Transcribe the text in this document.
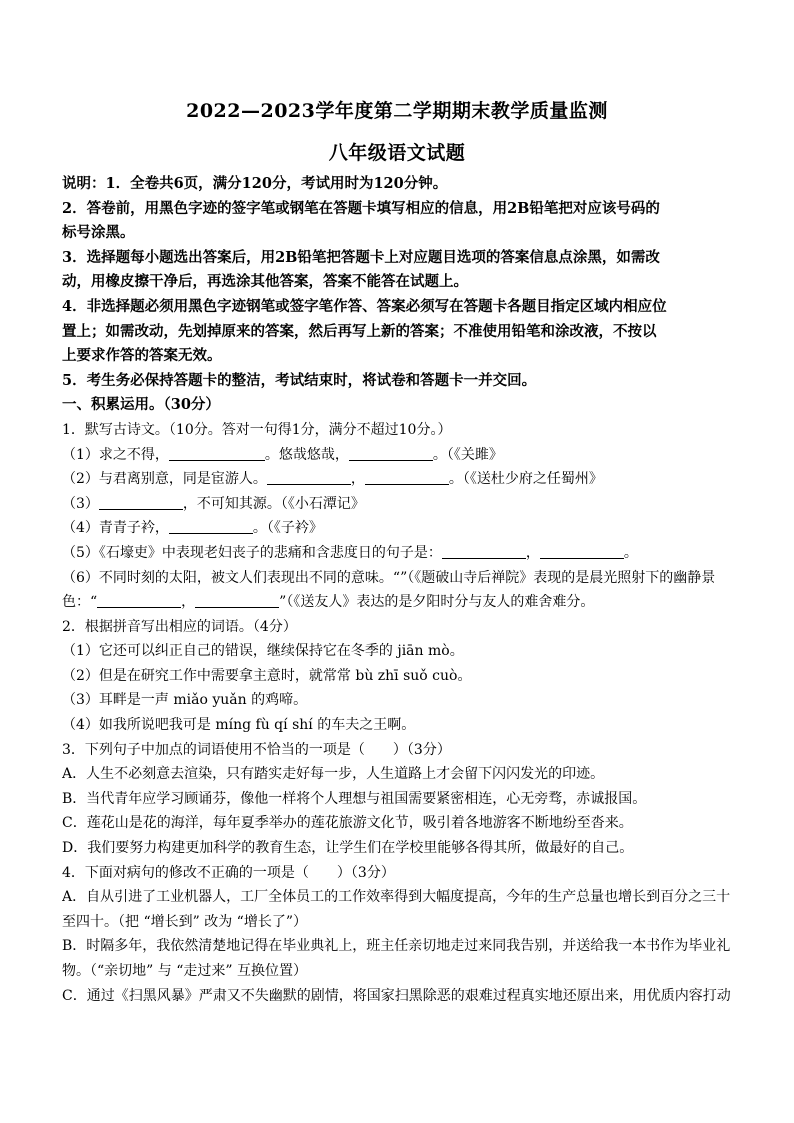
2022—2023学年度第二学期期末教学质量监测
八年级语文试题
说明：1．全卷共6页，满分120分，考试用时为120分钟。
2．答卷前，用黑色字迹的签字笔或钢笔在答题卡填写相应的信息，用2B铅笔把对应该号码的
标号涂黑。
3．选择题每小题选出答案后，用2B铅笔把答题卡上对应题目选项的答案信息点涂黑，如需改
动，用橡皮擦干净后，再选涂其他答案，答案不能答在试题上。
4．非选择题必须用黑色字迹钢笔或签字笔作答、答案必须写在答题卡各题目指定区域内相应位
置上；如需改动，先划掉原来的答案，然后再写上新的答案；不准使用铅笔和涂改液，不按以
上要求作答的答案无效。
5．考生务必保持答题卡的整洁，考试结束时，将试卷和答题卡一并交回。
一、积累运用。（30分）
1．默写古诗文。（10分。答对一句得1分，满分不超过10分。）
（1）求之不得，	。悠哉悠哉，	。（《关雎》
（2）与君离别意，同是宦游人。	，	。（《送杜少府之任蜀州》
（3）	，不可知其源。（《小石潭记》
（4）青青子衿，	。（《子衿》
（5）《石壕吏》中表现老妇丧子的悲痛和含悲度日的句子是：	，	。
（6）不同时刻的太阳，被文人们表现出不同的意味。“”（《题破山寺后禅院》表现的是晨光照射下的幽静景
色：“	，	”（《送友人》表达的是夕阳时分与友人的难舍难分。
2．根据拼音写出相应的词语。（4分）
（1）它还可以纠正自己的错误，继续保持它在冬季的 jiān mò。
（2）但是在研究工作中需要拿主意时，就常常 bù zhī suǒ cuò。
（3）耳畔是一声 miǎo yuǎn 的鸡啼。
（4）如我所说吧我可是 míng fù qí shí 的车夫之王啊。
3．下列句子中加点的词语使用不恰当的一项是（　　）（3分）
A．人生不必刻意去渲染，只有踏实走好每一步，人生道路上才会留下闪闪发光的印迹。
B．当代青年应学习顾诵芬，像他一样将个人理想与祖国需要紧密相连，心无旁骛，赤诚报国。
C．莲花山是花的海洋，每年夏季举办的莲花旅游文化节，吸引着各地游客不断地纷至沓来。
D．我们要努力构建更加科学的教育生态，让学生们在学校里能够各得其所，做最好的自己。
4．下面对病句的修改不正确的一项是（　　）（3分）
A．自从引进了工业机器人，工厂全体员工的工作效率得到大幅度提高，今年的生产总量也增长到百分之三十
至四十。（把 “增长到” 改为 “增长了”）
B．时隔多年，我依然清楚地记得在毕业典礼上，班主任亲切地走过来同我告别，并送给我一本书作为毕业礼
物。（“亲切地” 与 “走过来” 互换位置）
C．通过《扫黑风暴》严肃又不失幽默的剧情，将国家扫黑除恶的艰难过程真实地还原出来，用优质内容打动
